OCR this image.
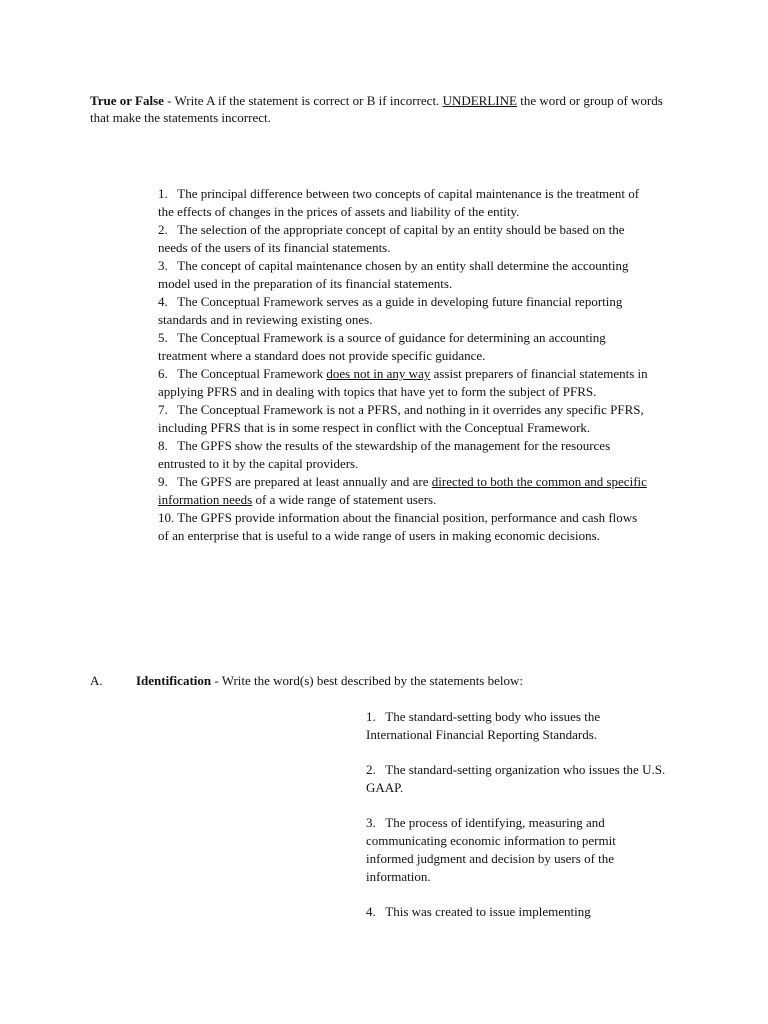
True or False - Write A if the statement is correct or B if incorrect. UNDERLINE the word or group of words that make the statements incorrect.
1. The principal difference between two concepts of capital maintenance is the treatment of the effects of changes in the prices of assets and liability of the entity.
2. The selection of the appropriate concept of capital by an entity should be based on the needs of the users of its financial statements.
3. The concept of capital maintenance chosen by an entity shall determine the accounting model used in the preparation of its financial statements.
4. The Conceptual Framework serves as a guide in developing future financial reporting standards and in reviewing existing ones.
5. The Conceptual Framework is a source of guidance for determining an accounting treatment where a standard does not provide specific guidance.
6. The Conceptual Framework does not in any way assist preparers of financial statements in applying PFRS and in dealing with topics that have yet to form the subject of PFRS.
7. The Conceptual Framework is not a PFRS, and nothing in it overrides any specific PFRS, including PFRS that is in some respect in conflict with the Conceptual Framework.
8. The GPFS show the results of the stewardship of the management for the resources entrusted to it by the capital providers.
9. The GPFS are prepared at least annually and are directed to both the common and specific information needs of a wide range of statement users.
10. The GPFS provide information about the financial position, performance and cash flows of an enterprise that is useful to a wide range of users in making economic decisions.
A.	Identification - Write the word(s) best described by the statements below:
1. The standard-setting body who issues the International Financial Reporting Standards.
2. The standard-setting organization who issues the U.S. GAAP.
3. The process of identifying, measuring and communicating economic information to permit informed judgment and decision by users of the information.
4. This was created to issue implementing
